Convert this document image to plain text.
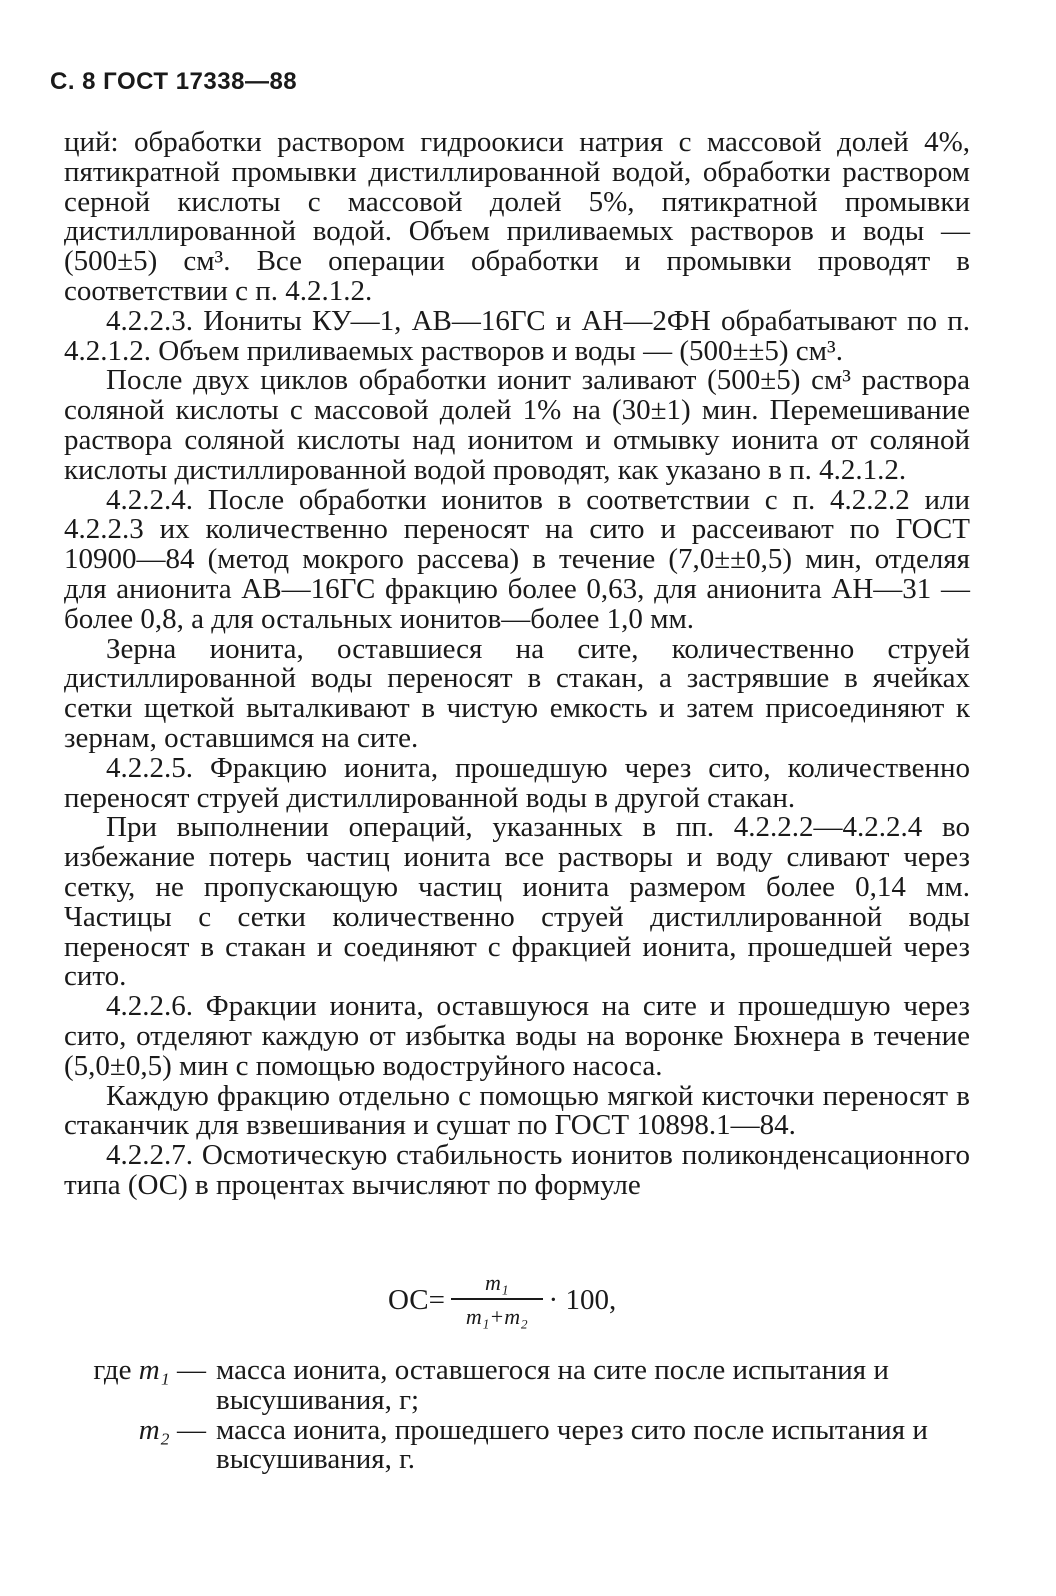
С. 8 ГОСТ 17338—88

ций: обработки раствором гидроокиси натрия с массовой долей 4%, пятикратной промывки дистиллированной водой, обработки раствором серной кислоты с массовой долей 5%, пятикратной промывки дистиллированной водой. Объем приливаемых растворов и воды — (500±5) см³. Все операции обработки и промывки проводят в соответствии с п. 4.2.1.2.

4.2.2.3. Иониты КУ—1, АВ—16ГС и АН—2ФН обрабатывают по п. 4.2.1.2. Объем приливаемых растворов и воды — (500±±5) см³.

После двух циклов обработки ионит заливают (500±5) см³ раствора соляной кислоты с массовой долей 1% на (30±1) мин. Перемешивание раствора соляной кислоты над ионитом и отмывку ионита от соляной кислоты дистиллированной водой проводят, как указано в п. 4.2.1.2.

4.2.2.4. После обработки ионитов в соответствии с п. 4.2.2.2 или 4.2.2.3 их количественно переносят на сито и рассеивают по ГОСТ 10900—84 (метод мокрого рассева) в течение (7,0±±0,5) мин, отделяя для анионита АВ—16ГС фракцию более 0,63, для анионита АН—31 — более 0,8, а для остальных ионитов—более 1,0 мм.

Зерна ионита, оставшиеся на сите, количественно струей дистиллированной воды переносят в стакан, а застрявшие в ячейках сетки щеткой выталкивают в чистую емкость и затем присоединяют к зернам, оставшимся на сите.

4.2.2.5. Фракцию ионита, прошедшую через сито, количественно переносят струей дистиллированной воды в другой стакан.

При выполнении операций, указанных в пп. 4.2.2.2—4.2.2.4 во избежание потерь частиц ионита все растворы и воду сливают через сетку, не пропускающую частиц ионита размером более 0,14 мм. Частицы с сетки количественно струей дистиллированной воды переносят в стакан и соединяют с фракцией ионита, прошедшей через сито.

4.2.2.6. Фракции ионита, оставшуюся на сите и прошедшую через сито, отделяют каждую от избытка воды на воронке Бюхнера в течение (5,0±0,5) мин с помощью водоструйного насоса.

Каждую фракцию отдельно с помощью мягкой кисточки переносят в стаканчик для взвешивания и сушат по ГОСТ 10898.1—84.

4.2.2.7. Осмотическую стабильность ионитов поликонденсационного типа (ОС) в процентах вычисляют по формуле

$ОС= \frac{\text{m₁}}{\text{m₁+m₂}} \cdot 100$,
где m₁ — масса ионита, оставшегося на сите после испытания и высушивания, г;
m₂ — масса ионита, прошедшего через сито после испытания и высушивания, г.
